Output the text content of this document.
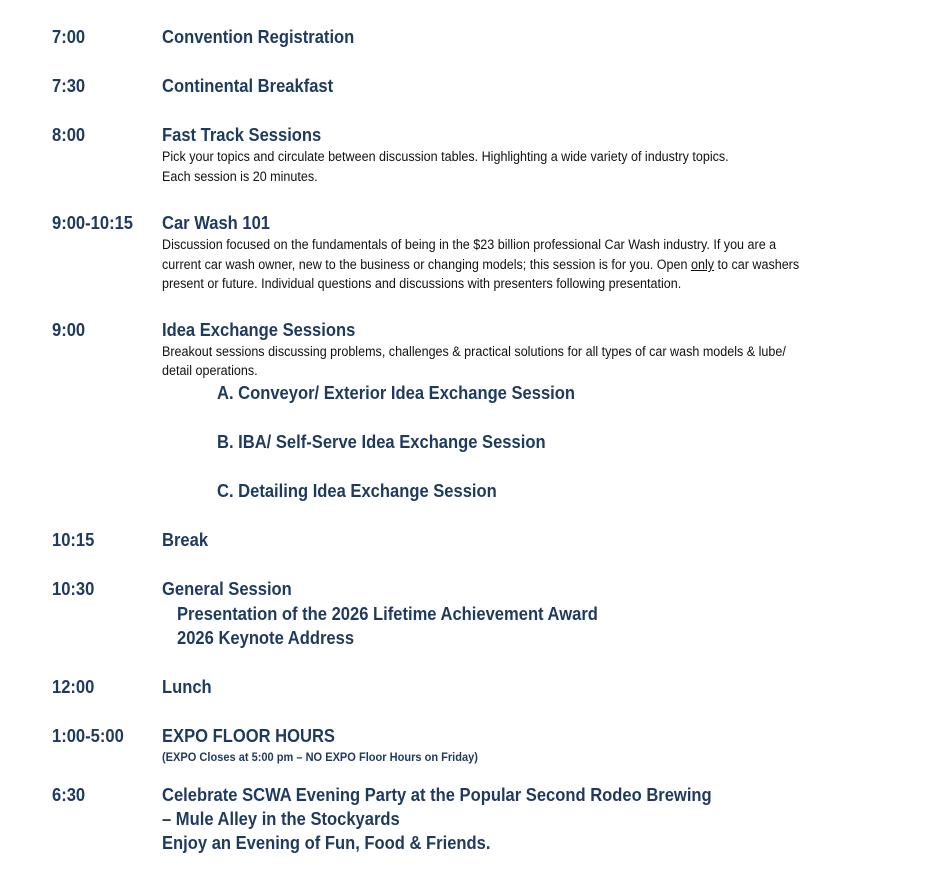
7:00	Convention Registration
7:30	Continental Breakfast
8:00	Fast Track Sessions
Pick your topics and circulate between discussion tables. Highlighting a wide variety of industry topics.
Each session is 20 minutes.
9:00-10:15 Car Wash 101
Discussion focused on the fundamentals of being in the $23 billion professional Car Wash industry. If you are a
current car wash owner, new to the business or changing models; this session is for you. Open only to car washers
present or future. Individual questions and discussions with presenters following presentation.
9:00	Idea Exchange Sessions
Breakout sessions discussing problems, challenges & practical solutions for all types of car wash models & lube/
detail operations.
A. Conveyor/ Exterior Idea Exchange Session
B. IBA/ Self-Serve Idea Exchange Session
C. Detailing Idea Exchange Session
10:15	Break
10:30	General Session
Presentation of the 2026 Lifetime Achievement Award
2026 Keynote Address
12:00	Lunch
1:00-5:00 EXPO FLOOR HOURS
(EXPO Closes at 5:00 pm – NO EXPO Floor Hours on Friday)
6:30	Celebrate SCWA Evening Party at the Popular Second Rodeo Brewing
– Mule Alley in the Stockyards
Enjoy an Evening of Fun, Food & Friends.
